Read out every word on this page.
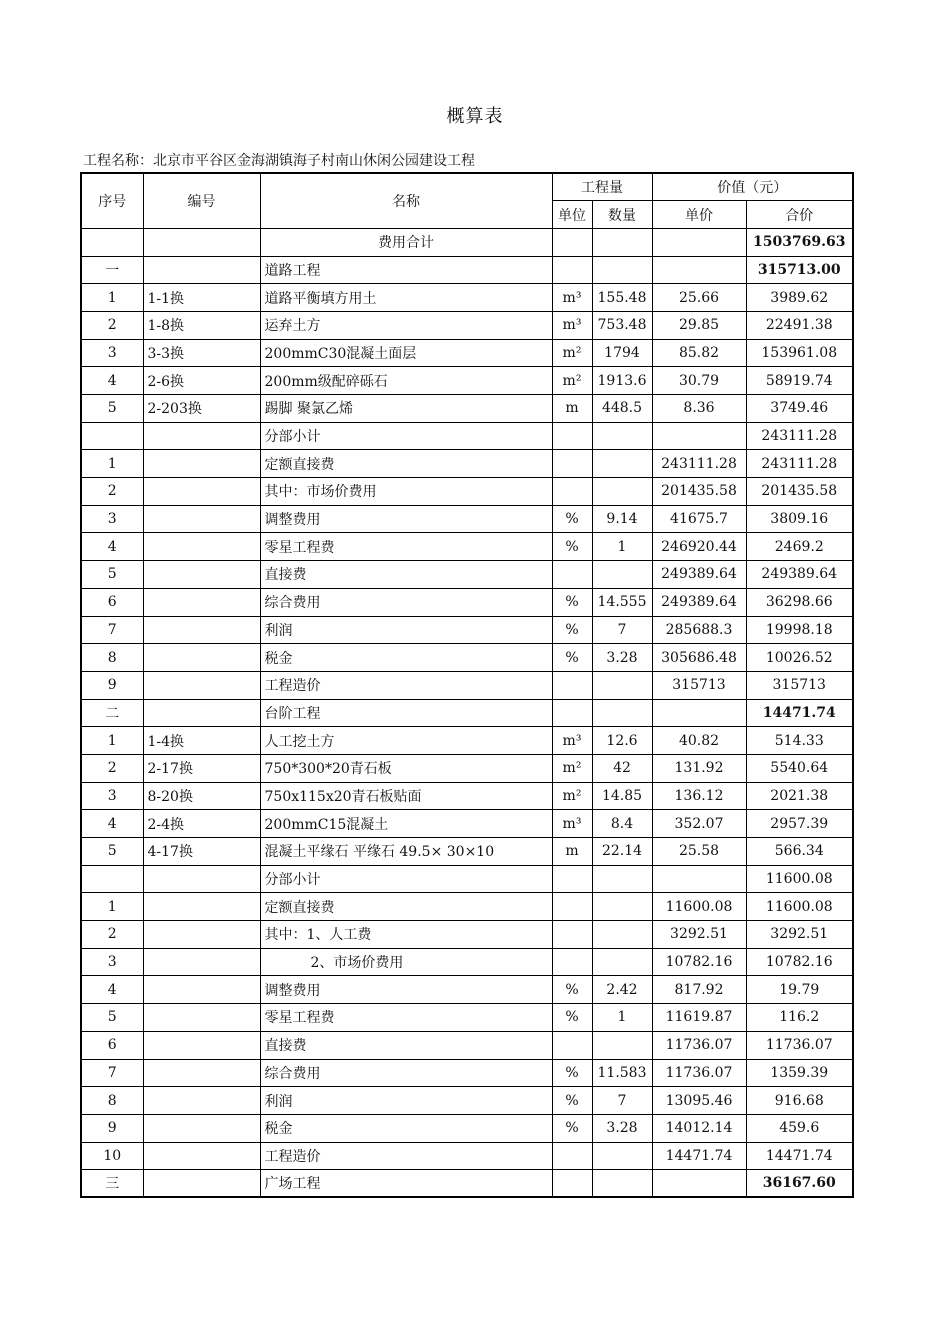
概算表
工程名称：北京市平谷区金海湖镇海子村南山休闲公园建设工程
序号	编号	名称	工程量		价值（元）	
			单位	数量	单价	合价
		费用合计				1503769.63
一		道路工程				315713.00
1	1-1换	道路平衡填方用土	m³	155.48	25.66	3989.62
2	1-8换	运弃土方	m³	753.48	29.85	22491.38
3	3-3换	200mmC30混凝土面层	m²	1794	85.82	153961.08
4	2-6换	200mm级配碎砾石	m²	1913.6	30.79	58919.74
5	2-203换	踢脚 聚氯乙烯	m	448.5	8.36	3749.46
		分部小计				243111.28
1		定额直接费			243111.28	243111.28
2		其中：市场价费用			201435.58	201435.58
3		调整费用	%	9.14	41675.7	3809.16
4		零星工程费	%	1	246920.44	2469.2
5		直接费			249389.64	249389.64
6		综合费用	%	14.555	249389.64	36298.66
7		利润	%	7	285688.3	19998.18
8		税金	%	3.28	305686.48	10026.52
9		工程造价			315713	315713
二		台阶工程				14471.74
1	1-4换	人工挖土方	m³	12.6	40.82	514.33
2	2-17换	750*300*20青石板	m²	42	131.92	5540.64
3	8-20换	750x115x20青石板贴面	m²	14.85	136.12	2021.38
4	2-4换	200mmC15混凝土	m³	8.4	352.07	2957.39
5	4-17换	混凝土平缘石 平缘石 49.5× 30×10	m	22.14	25.58	566.34
		分部小计				11600.08
1		定额直接费			11600.08	11600.08
2		其中：1、人工费			3292.51	3292.51
3		2、市场价费用			10782.16	10782.16
4		调整费用	%	2.42	817.92	19.79
5		零星工程费	%	1	11619.87	116.2
6		直接费			11736.07	11736.07
7		综合费用	%	11.583	11736.07	1359.39
8		利润	%	7	13095.46	916.68
9		税金	%	3.28	14012.14	459.6
10		工程造价			14471.74	14471.74
三		广场工程				36167.60
